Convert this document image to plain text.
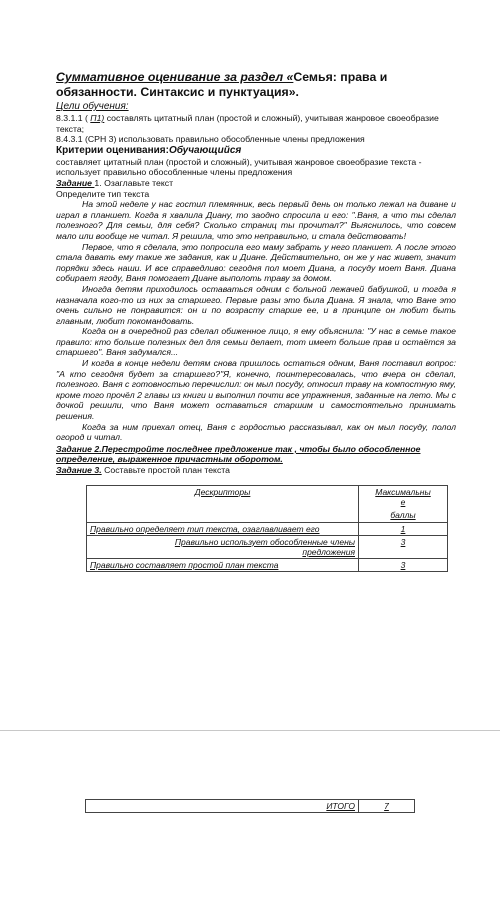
Суммативное оценивание за раздел «Семья: права и обязанности. Синтаксис и пунктуация».
Цели обучения:
8.3.1.1 ( П1) составлять цитатный план (простой и сложный), учитывая жанровое своеобразие текста;
8.4.3.1 (СРН 3) использовать правильно обособленные члены предложения
Критерии оценивания:Обучающийся
составляет цитатный план (простой и сложный), учитывая жанровое своеобразие текста - использует правильно обособленные члены предложения
Задание 1. Озаглавьте текст
Определите тип текста
На этой неделе у нас гостил племянник, весь первый день он только лежал на диване и играл в планшет. Когда я хвалила Диану, то заодно спросила и его: ".Ваня, а что ты сделал полезного? Для семьи, для себя? Сколько страниц ты прочитал?" Выяснилось, что совсем мало или вообще не читал. Я решила, что это неправильно, и стала действовать!
Первое, что я сделала, это попросила его маму забрать у него планшет. А после этого стала давать ему такие же задания, как и Диане. Действительно, он же у нас живет, значит порядки здесь наши. И все справедливо: сегодня пол моет Диана, а посуду моет Ваня. Диана собирает ягоду, Ваня помогает Диане выполоть траву за домом.
Иногда детям приходилось оставаться одним с больной лежачей бабушкой, и тогда я назначала кого-то из них за старшего. Первые разы это была Диана. Я знала, что Ване это очень сильно не понравится: он и по возрасту старше ее, и в принципе он любит быть главным, любит покомандовать.
Когда он в очередной раз сделал обиженное лицо, я ему объяснила: "У нас в семье такое правило: кто больше полезных дел для семьи делает, тот имеет больше прав и остаётся за старшего". Ваня задумался...
И когда в конце недели детям снова пришлось остаться одним, Ваня поставил вопрос: "А кто сегодня будет за старшего?"Я, конечно, поинтересовалась, что вчера он сделал, полезного. Ваня с готовностью перечислил: он мыл посуду, относил траву на компостную яму, кроме того прочёл 2 главы из книги и выполнил почти все упражнения, заданные на лето. Мы с дочкой решили, что Ваня может оставаться старшим и самостоятельно принимать решения.
Когда за ним приехал отец, Ваня с гордостью рассказывал, как он мыл посуду, полол огород и читал.
Задание 2.Перестройте последнее предложение так , чтобы было обособленное определение, выраженное причастным оборотом.
Задание 3. Составьте простой план текста
Дескрипторы	Максимальны
е
баллы

Правильно определяет тип текста, озаглавливает его	1
Правильно использует обособленные члены предложения	3
Правильно составляет простой план текста	3
ИТОГО	7
